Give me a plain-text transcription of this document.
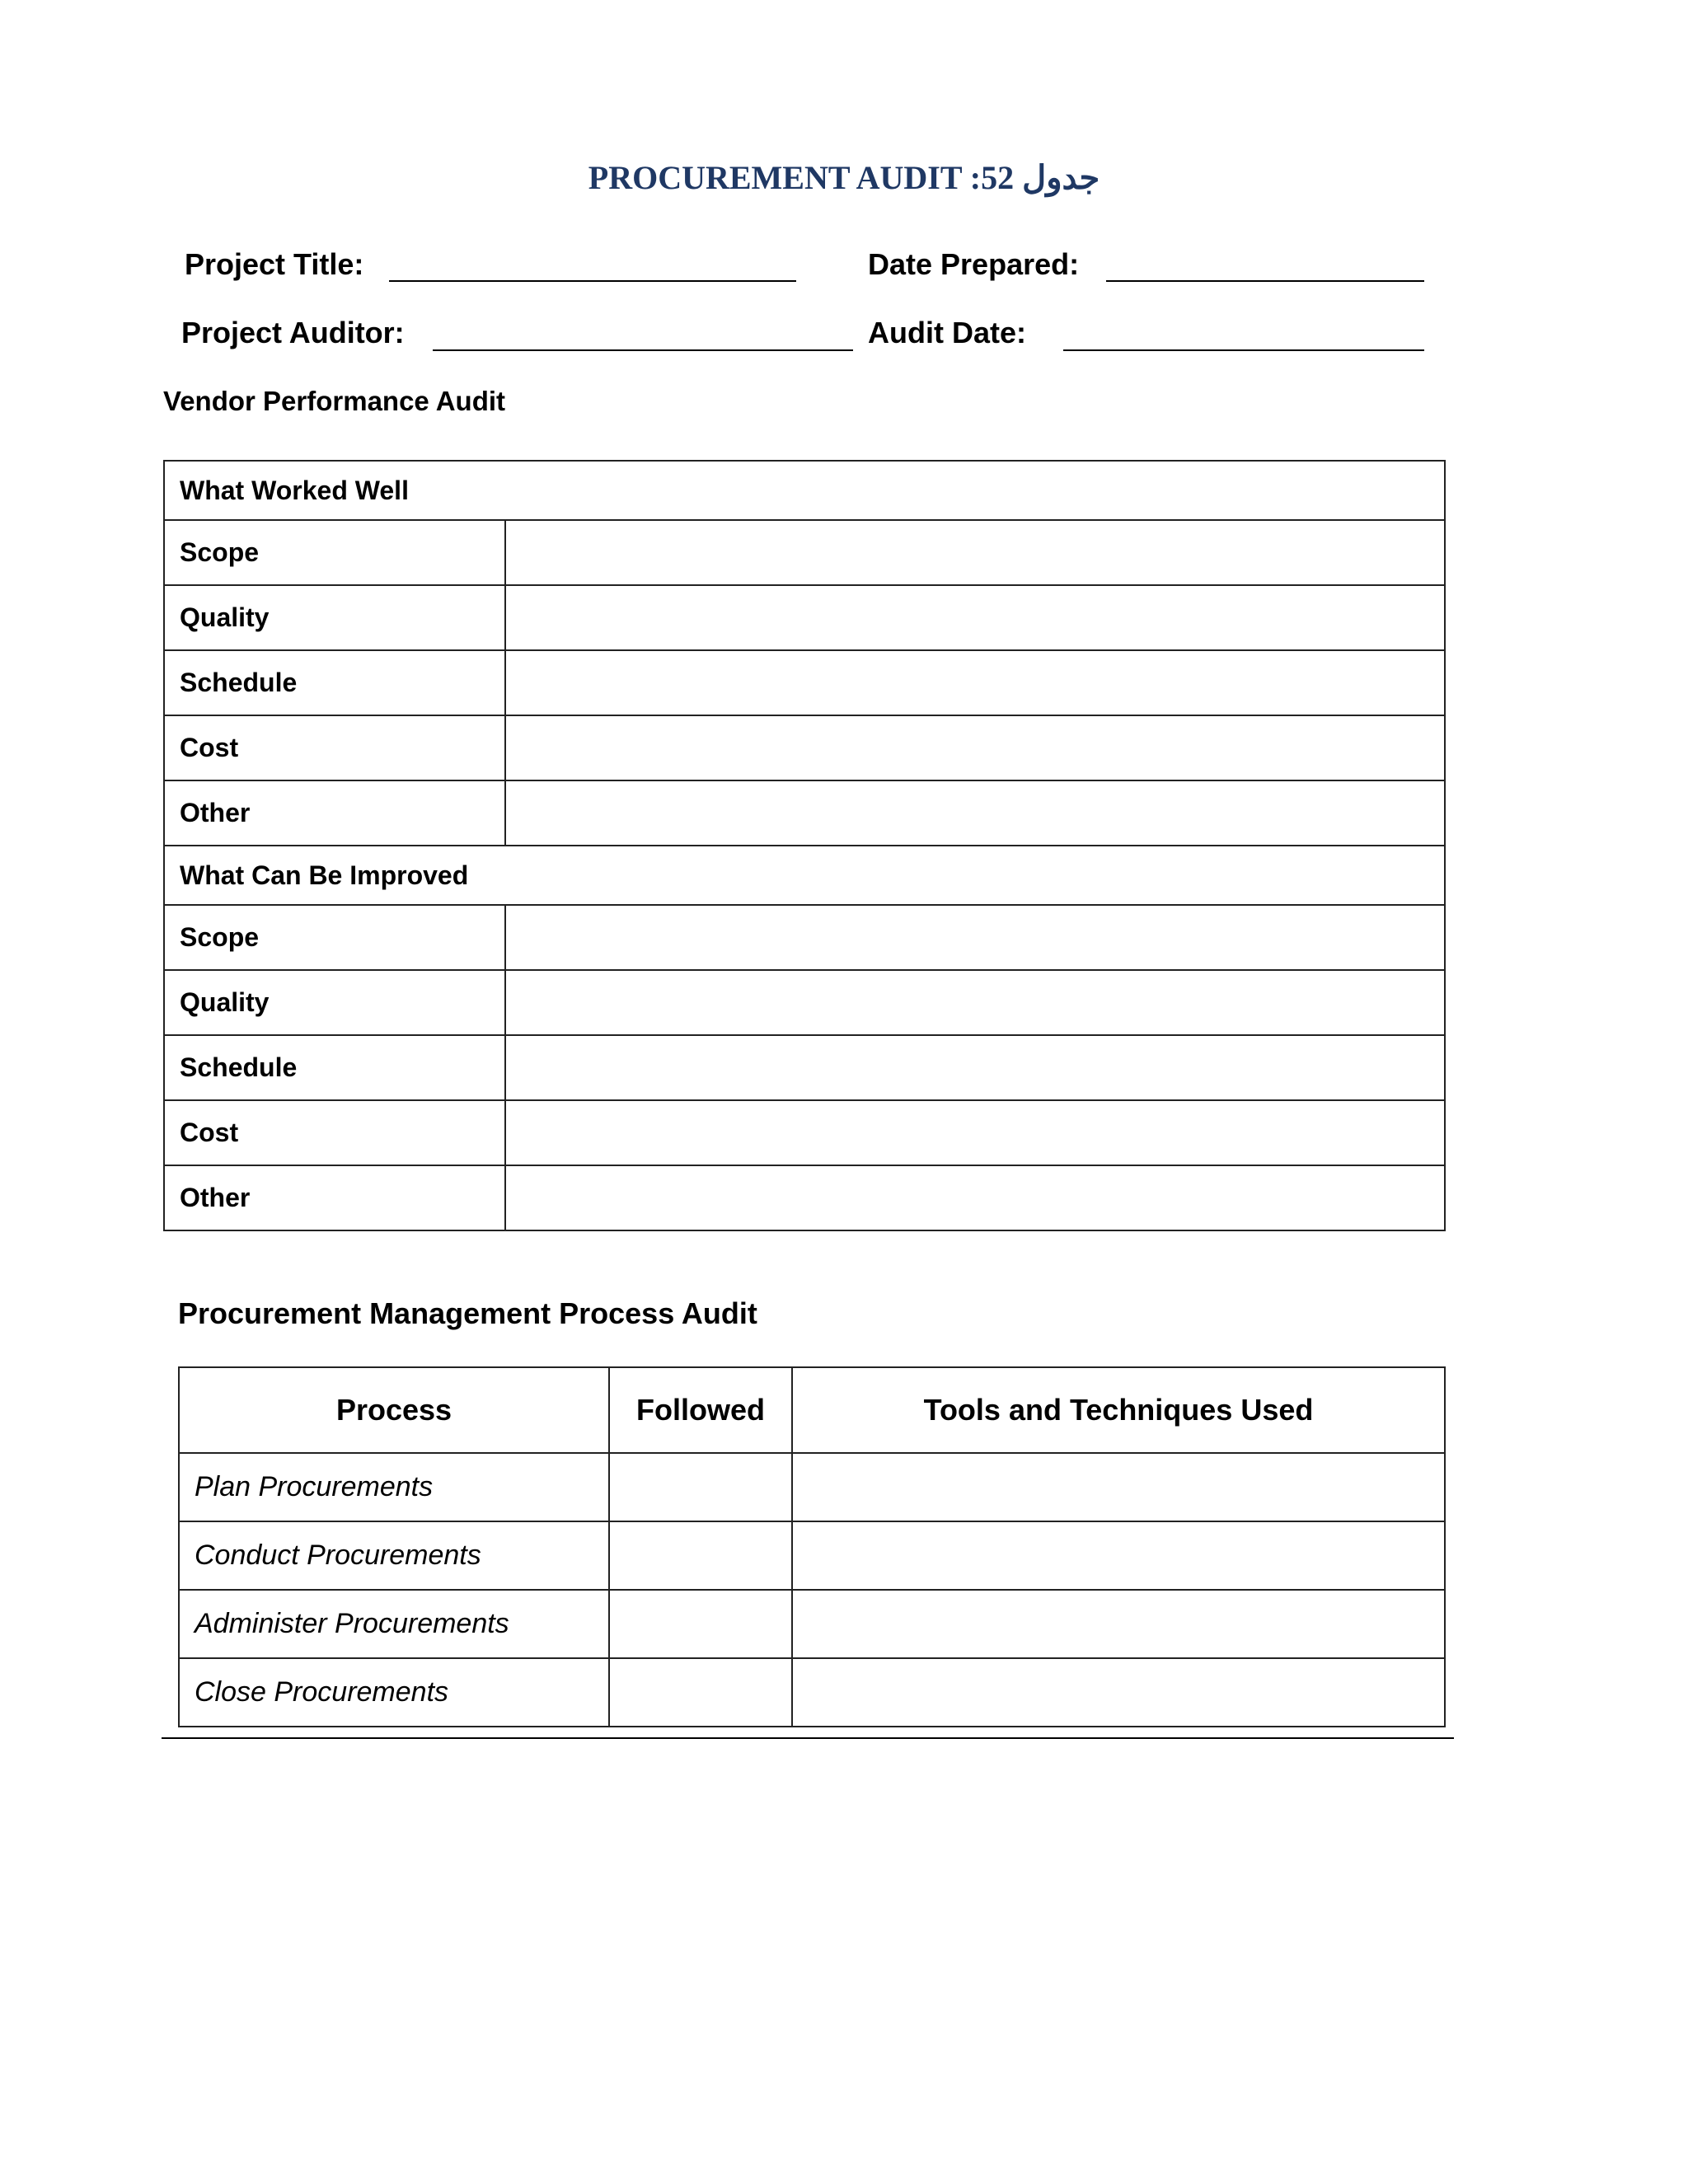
PROCUREMENT AUDIT :52 جدول
Project Title:	Date Prepared:
Project Auditor:	Audit Date:
Vendor Performance Audit
What Worked Well	
Scope	
Quality	
Schedule	
Cost	
Other	
What Can Be Improved	
Scope	
Quality	
Schedule	
Cost	
Other	
Procurement Management Process Audit
Process	Followed	Tools and Techniques Used
Plan Procurements		
Conduct Procurements		
Administer Procurements		
Close Procurements		
